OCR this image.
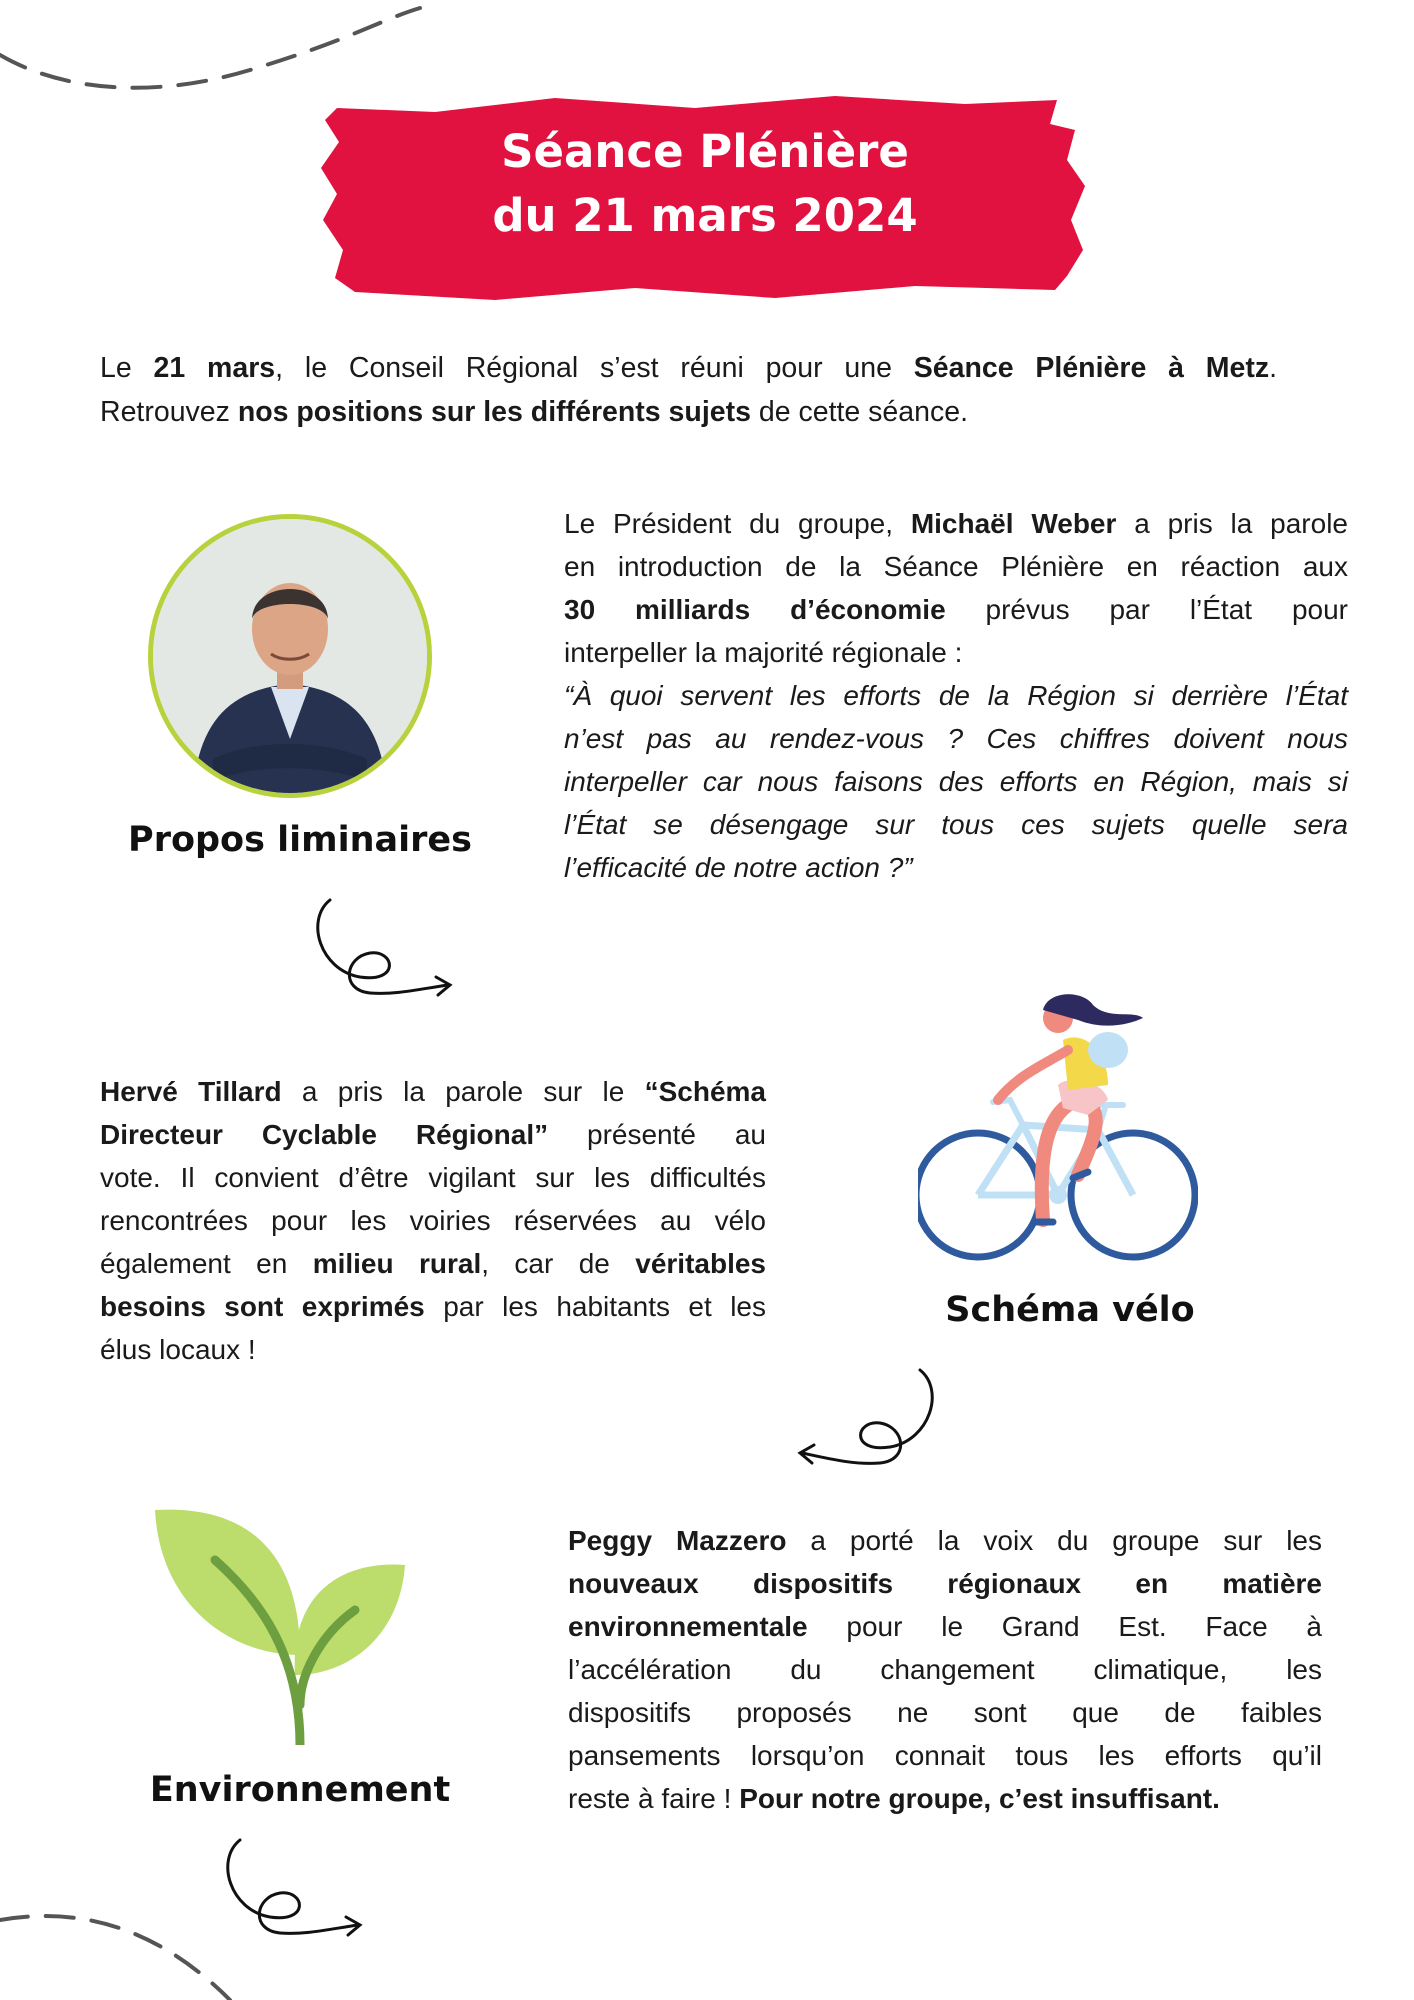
Séance Plénière
du 21 mars 2024
Le 21 mars, le Conseil Régional s’est réuni pour une Séance Plénière à Metz.
Retrouvez nos positions sur les différents sujets de cette séance.
Propos liminaires
Le Président du groupe, Michaël Weber a pris la parole
en introduction de la Séance Plénière en réaction aux
30 milliards d’économie prévus par l’État pour
interpeller la majorité régionale :
“À quoi servent les efforts de la Région si derrière l’État
n’est pas au rendez-vous ? Ces chiffres doivent nous
interpeller car nous faisons des efforts en Région, mais si
l’État se désengage sur tous ces sujets quelle sera
l’efficacité de notre action ?”
Hervé Tillard a pris la parole sur le “Schéma
Directeur Cyclable Régional” présenté au
vote. Il convient d’être vigilant sur les difficultés
rencontrées pour les voiries réservées au vélo
également en milieu rural, car de véritables
besoins sont exprimés par les habitants et les
élus locaux !
Schéma vélo
Environnement
Peggy Mazzero a porté la voix du groupe sur les
nouveaux dispositifs régionaux en matière
environnementale pour le Grand Est. Face à
l’accélération du changement climatique, les
dispositifs proposés ne sont que de faibles
pansements lorsqu’on connait tous les efforts qu’il
reste à faire ! Pour notre groupe, c’est insuffisant.
